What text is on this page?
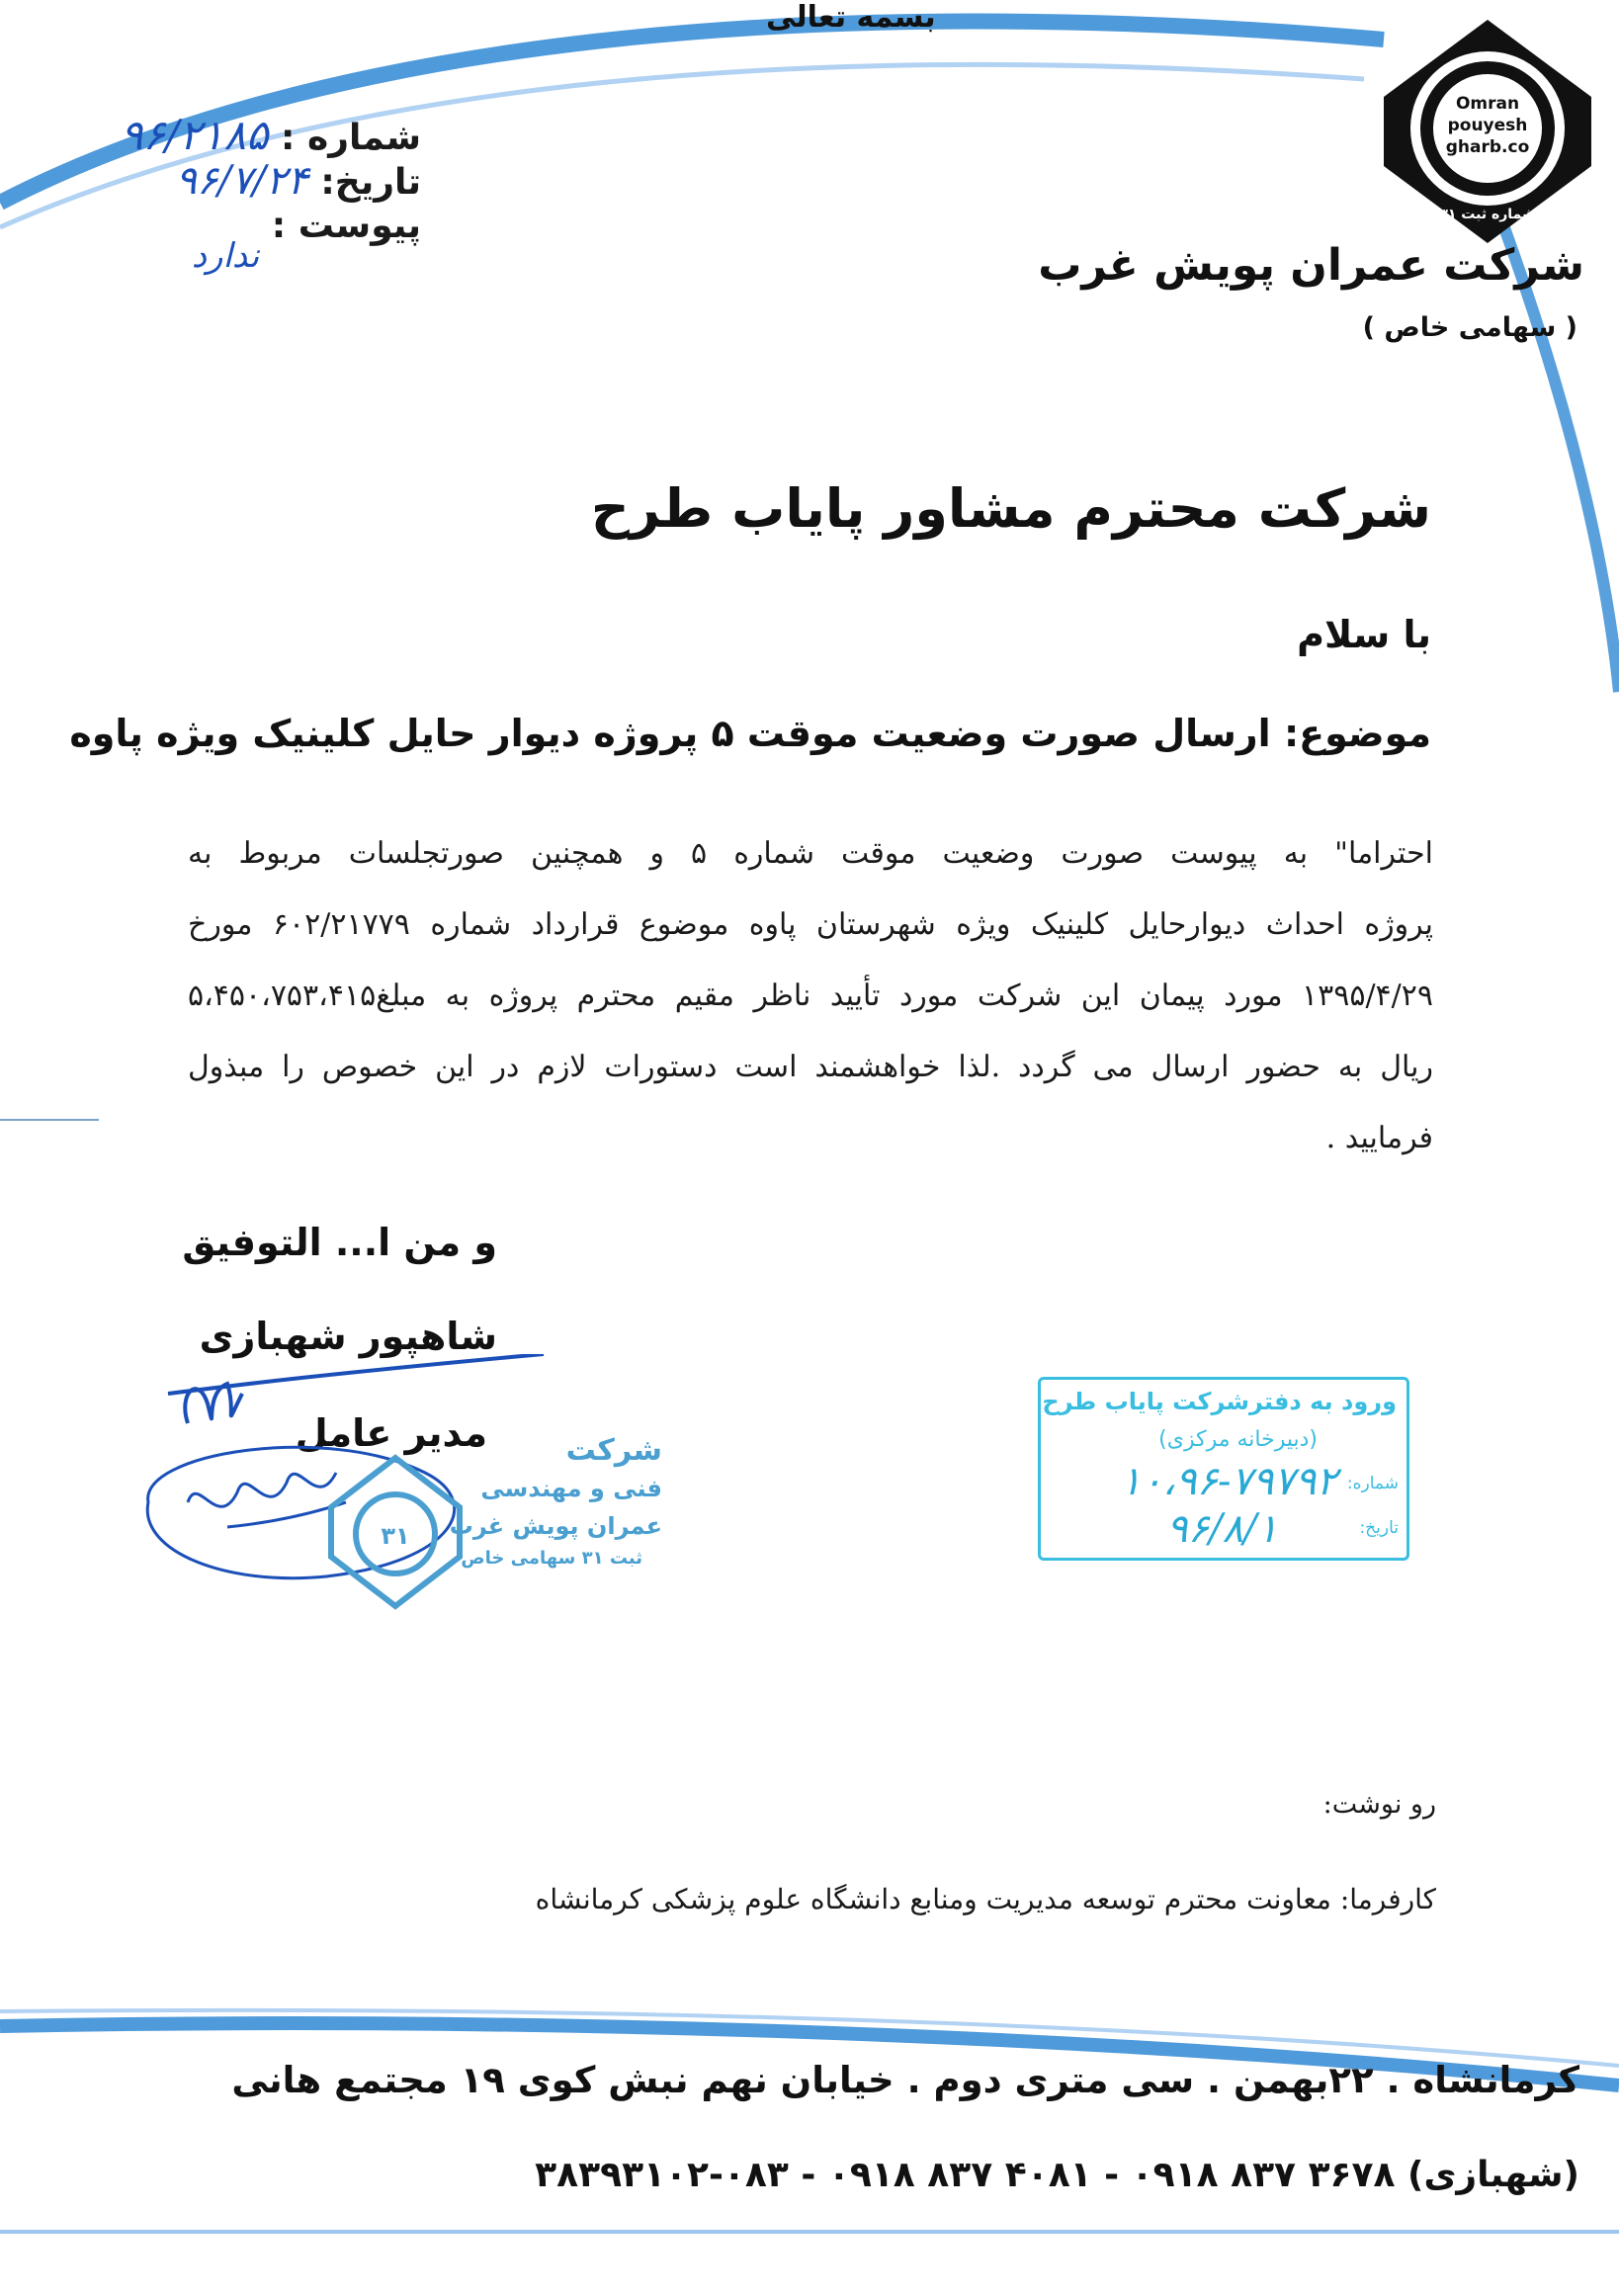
بسمه تعالی
شماره : ۹۶/۲۱۸۵
تاریخ: ۹۶/۷/۲۴
پیوست : ندارد
Omran
pouyesh
gharb.co
شماره ثبت ۳۱
شرکت عمران پویش غرب
( سهامی خاص )
شرکت محترم مشاور پایاب طرح
با سلام
موضوع: ارسال صورت وضعیت موقت ۵ پروژه دیوار حایل کلینیک ویژه پاوه
احتراما" به پیوست صورت وضعیت موقت شماره ۵ و همچنین صورتجلسات مربوط به
پروژه احداث دیوارحایل کلینیک ویژه شهرستان پاوه موضوع قرارداد شماره ۶۰۲/۲۱۷۷۹ مورخ
۱۳۹۵/۴/۲۹ مورد پیمان این شرکت مورد تأیید ناظر مقیم محترم پروژه به مبلغ۵،۴۵۰،۷۵۳،۴۱۵
ریال به حضور ارسال می گردد .لذا خواهشمند است دستورات لازم در این خصوص را مبذول
فرمایید .
و من ا... التوفیق
شاهپور شهبازی
مدیر عامل
۳۱
شرکت
فنی و مهندسی
عمران پویش غرب
ثبت ۳۱ سهامی خاص
ورود به دفترشرکت پایاب طرح
(دبیرخانه مرکزی)
شماره:
۱۰،۹۶-۷۹۷۹۲
تاریخ:
۹۶/۸/۱
رو نوشت:
کارفرما: معاونت محترم توسعه مدیریت ومنابع دانشگاه علوم پزشکی کرمانشاه
کرمانشاه . ۲۲بهمن . سی متری دوم . خیابان نهم نبش کوی ۱۹ مجتمع هانی
(شهبازی) ۳۶۷۸ ۸۳۷ ۰۹۱۸ - ۴۰۸۱ ۸۳۷ ۰۹۱۸ - ۰۸۳-۳۸۳۹۳۱۰۲
